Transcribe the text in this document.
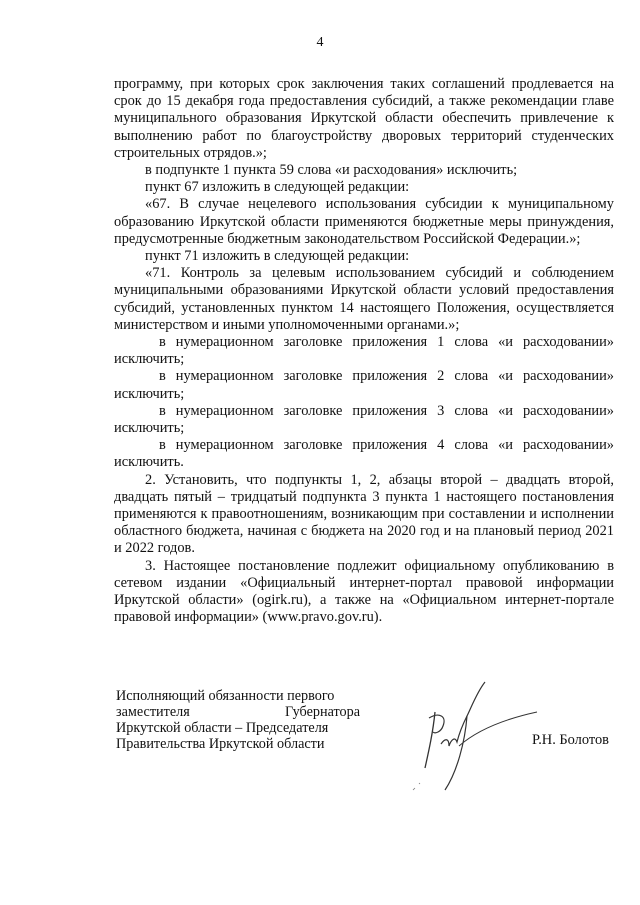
4

программу, при которых срок заключения таких соглашений продлевается на срок до 15 декабря года предоставления субсидий, а также рекомендации главе муниципального образования Иркутской области обеспечить привлечение к выполнению работ по благоустройству дворовых территорий студенческих строительных отрядов.»;

в подпункте 1 пункта 59 слова «и расходования» исключить;

пункт 67 изложить в следующей редакции:

«67. В случае нецелевого использования субсидии к муниципальному образованию Иркутской области применяются бюджетные меры принуждения, предусмотренные бюджетным законодательством Российской Федерации.»;

пункт 71 изложить в следующей редакции:

«71. Контроль за целевым использованием субсидий и соблюдением муниципальными образованиями Иркутской области условий предоставления субсидий, установленных пунктом 14 настоящего Положения, осуществляется министерством и иными уполномоченными органами.»;

в нумерационном заголовке приложения 1 слова «и расходовании» исключить;

в нумерационном заголовке приложения 2 слова «и расходовании» исключить;

в нумерационном заголовке приложения 3 слова «и расходовании» исключить;

в нумерационном заголовке приложения 4 слова «и расходовании» исключить.

2. Установить, что подпункты 1, 2, абзацы второй – двадцать второй, двадцать пятый – тридцатый подпункта 3 пункта 1 настоящего постановления применяются к правоотношениям, возникающим при составлении и исполнении областного бюджета, начиная с бюджета на 2020 год и на плановый период 2021 и 2022 годов.

3. Настоящее постановление подлежит официальному опубликованию в сетевом издании «Официальный интернет-портал правовой информации Иркутской области» (ogirk.ru), а также на «Официальном интернет-портале правовой информации» (www.pravo.gov.ru).

Исполняющий обязанности первого
заместителя Губернатора
Иркутской области – Председателя
Правительства Иркутской области	Р.Н. Болотов
